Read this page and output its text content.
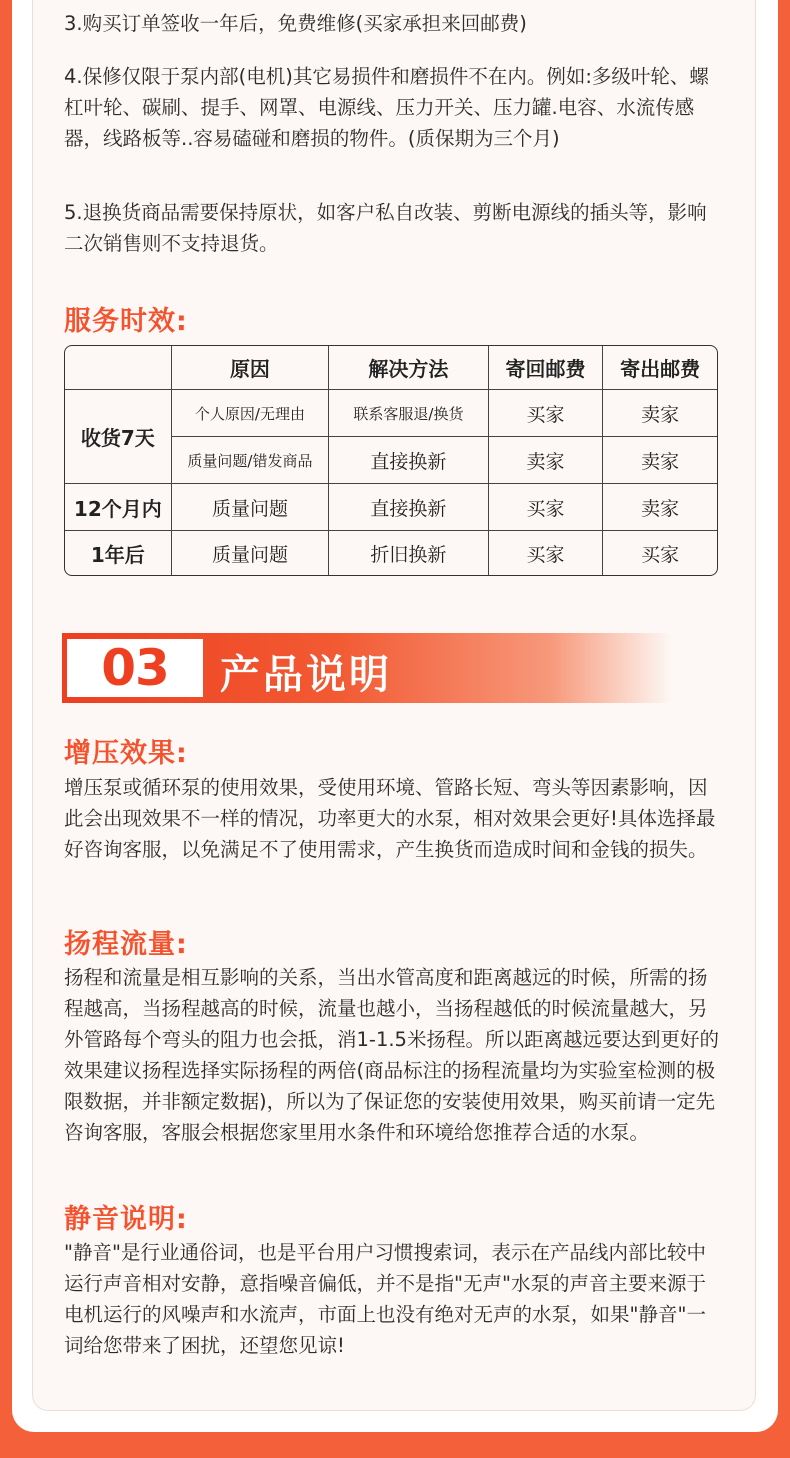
3.购买订单签收一年后，免费维修(买家承担来回邮费)

4.保修仅限于泵内部(电机)其它易损件和磨损件不在内。例如:多级叶轮、螺杠叶轮、碳刷、提手、网罩、电源线、压力开关、压力罐.电容、水流传感器，线路板等..容易磕碰和磨损的物件。(质保期为三个月)

5.退换货商品需要保持原状，如客户私自改装、剪断电源线的插头等，影响二次销售则不支持退货。

服务时效:
	原因	解决方法	寄回邮费	寄出邮费
收货7天	个人原因/无理由	联系客服退/换货	买家	卖家
	质量问题/错发商品	直接换新	卖家	卖家
12个月内	质量问题	直接换新	买家	卖家
1年后	质量问题	折旧换新	买家	买家
03 产品说明
增压效果:

增压泵或循环泵的使用效果，受使用环境、管路长短、弯头等因素影响，因此会出现效果不一样的情况，功率更大的水泵，相对效果会更好!具体选择最好咨询客服，以免满足不了使用需求，产生换货而造成时间和金钱的损失。

扬程流量:

扬程和流量是相互影响的关系，当出水管高度和距离越远的时候，所需的扬程越高，当扬程越高的时候，流量也越小，当扬程越低的时候流量越大，另外管路每个弯头的阻力也会抵，消1-1.5米扬程。所以距离越远要达到更好的效果建议扬程选择实际扬程的两倍(商品标注的扬程流量均为实验室检测的极限数据，并非额定数据)，所以为了保证您的安装使用效果，购买前请一定先咨询客服，客服会根据您家里用水条件和环境给您推荐合适的水泵。

静音说明:

"静音"是行业通俗词，也是平台用户习惯搜索词，表示在产品线内部比较中运行声音相对安静，意指噪音偏低，并不是指"无声"水泵的声音主要来源于电机运行的风噪声和水流声，市面上也没有绝对无声的水泵，如果"静音"一词给您带来了困扰，还望您见谅!
